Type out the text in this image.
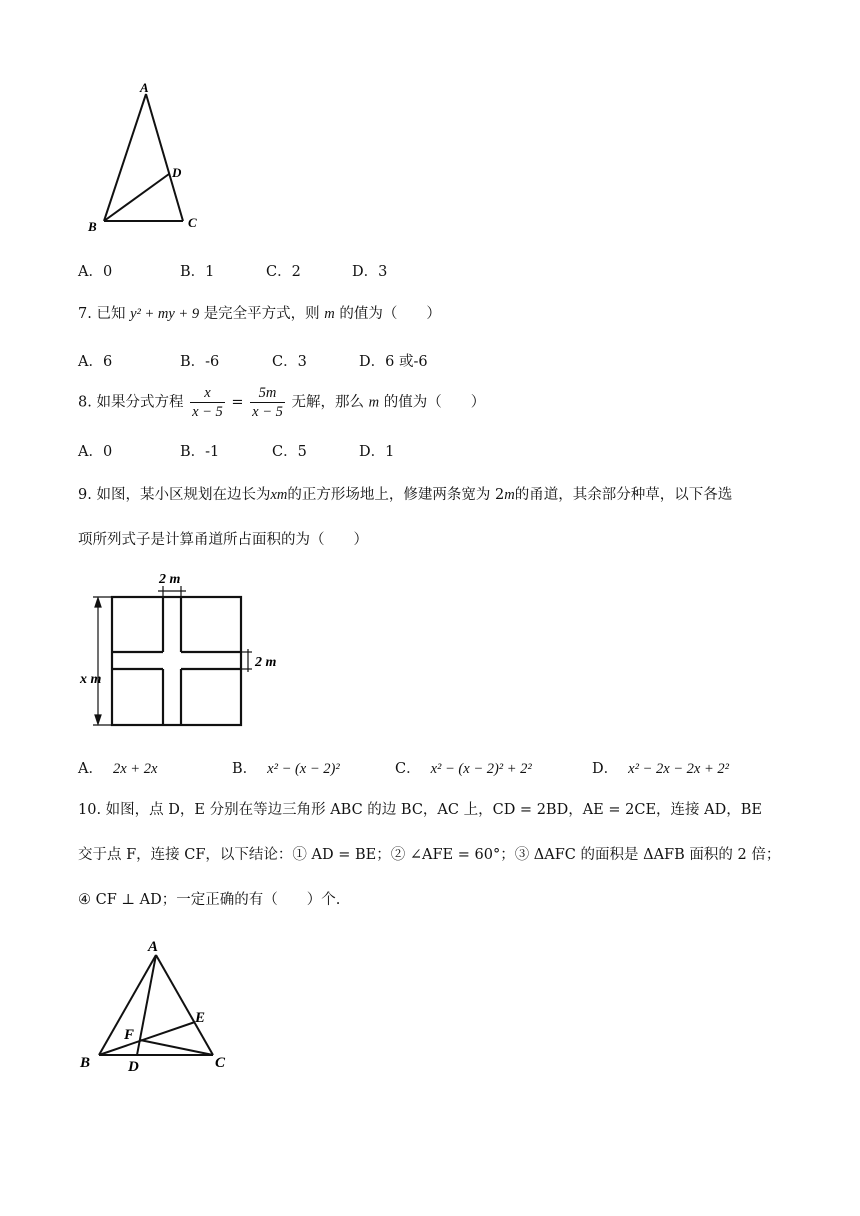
A
B	C
D
A．0	B．1	C．2	D．3
7. 已知 y² + my + 9 是完全平方式，则 m 的值为（　　）
A．6	B．-6	C．3	D．6 或-6
8. 如果分式方程 $\frac{x}{x - 5} = \frac{5m}{x - 5}$ 无解，那么 m 的值为（　　）
A．0	B．-1	C．5	D．1
9. 如图，某小区规划在边长为xm的正方形场地上，修建两条宽为 2m的甬道，其余部分种草，以下各选
项所列式子是计算甬道所占面积的为（　　）
2 m
2 m
x m
A． 2x + 2x	B． x² − (x − 2)²	C． x² − (x − 2)² + 2²	D． x² − 2x − 2x + 2²
10. 如图，点 D，E 分别在等边三角形 ABC 的边 BC，AC 上，CD = 2BD，AE = 2CE，连接 AD，BE
交于点 F，连接 CF，以下结论：① AD = BE；② ∠AFE = 60°；③ ΔAFC 的面积是 ΔAFB 面积的 2 倍；
④ CF ⊥ AD；一定正确的有（　　）个.
A
B	C
D
E
F
